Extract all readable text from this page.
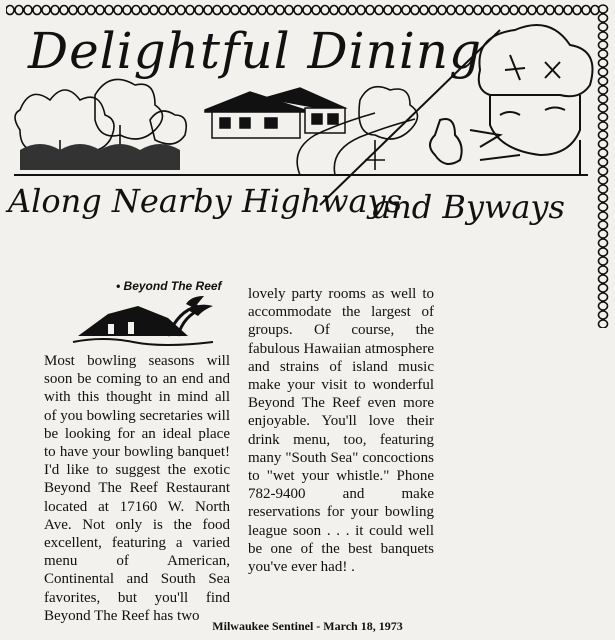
Delightful Dining
Along Nearby Highways
and Byways
• Beyond The Reef

Most bowling seasons will soon be coming to an end and with this thought in mind all of you bowling secretaries will be looking for an ideal place to have your bowling banquet! I'd like to suggest the exotic Beyond The Reef Restaurant located at 17160 W. North Ave. Not only is the food excellent, featuring a varied menu of American, Continental and South Sea favorites, but you'll find Beyond The Reef has two

lovely party rooms as well to accommodate the largest of groups. Of course, the fabulous Hawaiian atmosphere and strains of island music make your visit to wonderful Beyond The Reef even more enjoyable. You'll love their drink menu, too, featuring many "South Sea" concoctions to "wet your whistle." Phone 782-9400 and make reservations for your bowling league soon . . . it could well be one of the best banquets you've ever had! .

Milwaukee Sentinel - March 18, 1973
